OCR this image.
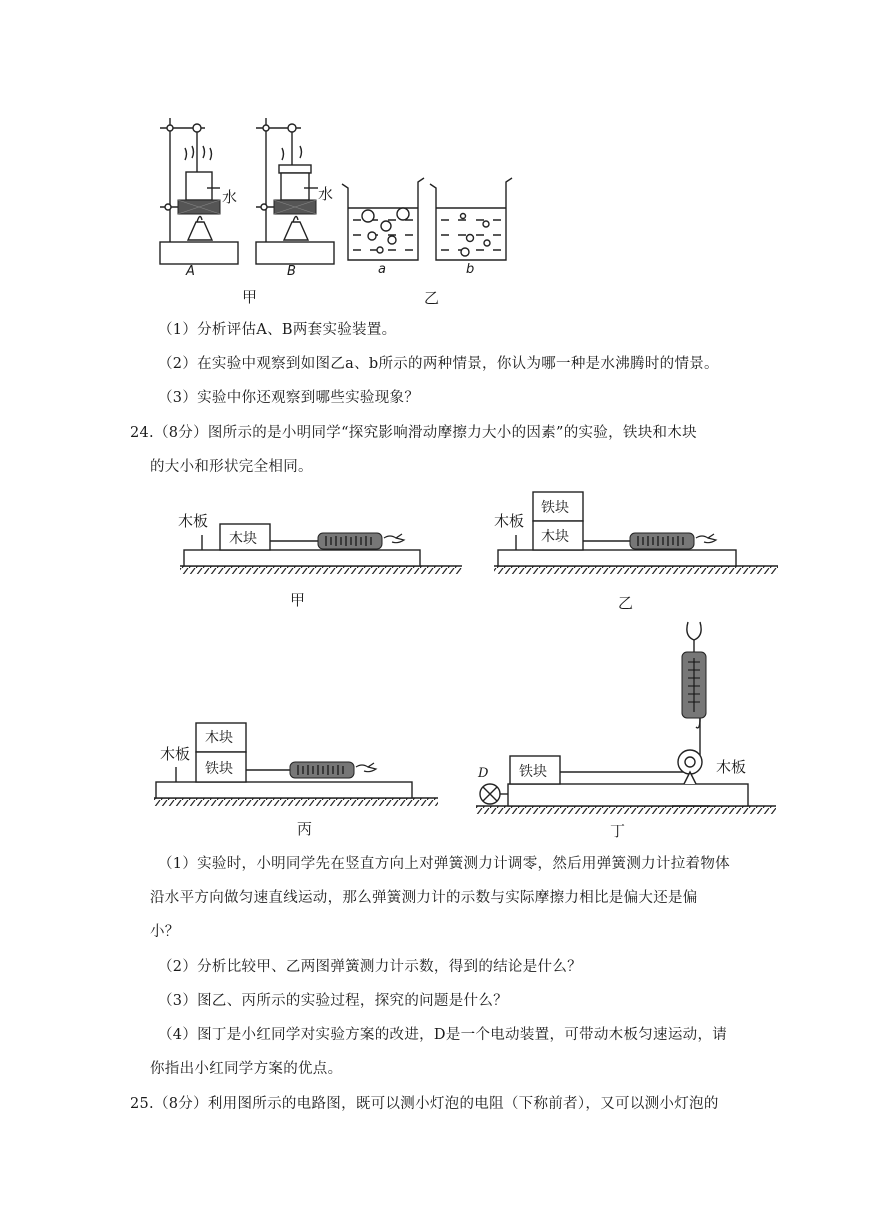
水	水
A	B	a	b
甲	乙
（1）分析评估A、B两套实验装置。
（2）在实验中观察到如图乙a、b所示的两种情景，你认为哪一种是水沸腾时的情景。
（3）实验中你还观察到哪些实验现象？
24.（8分）图所示的是小明同学“探究影响滑动摩擦力大小的因素”的实验，铁块和木块
的大小和形状完全相同。
木板
木块
甲
木板
铁块
木块
乙
木板
木块
铁块
丙
D 铁块	木板
丁
（1）实验时，小明同学先在竖直方向上对弹簧测力计调零，然后用弹簧测力计拉着物体
沿水平方向做匀速直线运动，那么弹簧测力计的示数与实际摩擦力相比是偏大还是偏
小？
（2）分析比较甲、乙两图弹簧测力计示数，得到的结论是什么？
（3）图乙、丙所示的实验过程，探究的问题是什么？
（4）图丁是小红同学对实验方案的改进，D是一个电动装置，可带动木板匀速运动，请
你指出小红同学方案的优点。
25.（8分）利用图所示的电路图，既可以测小灯泡的电阻（下称前者），又可以测小灯泡的
